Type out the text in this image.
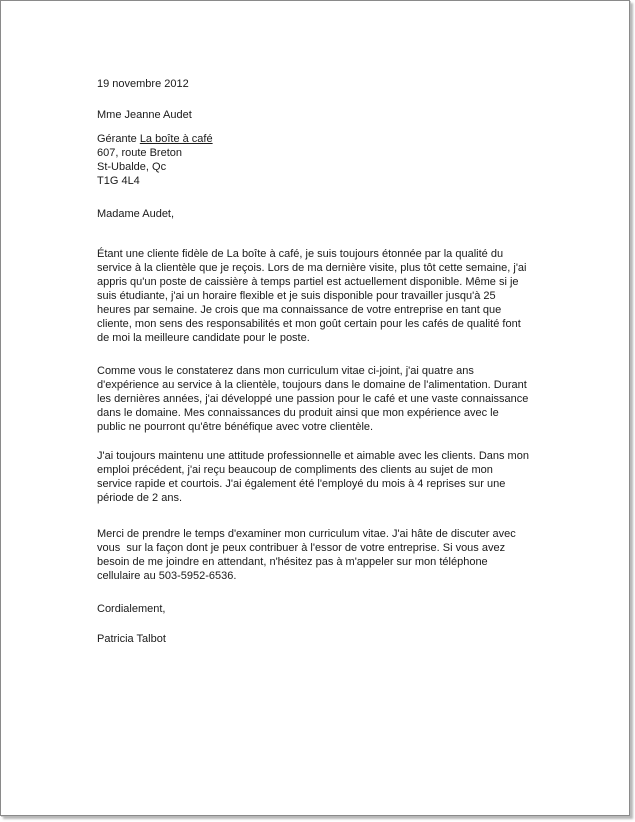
19 novembre 2012
Mme Jeanne Audet
Gérante La boîte à café
607, route Breton
St-Ubalde, Qc
T1G 4L4
Madame Audet,
Étant une cliente fidèle de La boîte à café, je suis toujours étonnée par la qualité du
service à la clientèle que je reçois. Lors de ma dernière visite, plus tôt cette semaine, j'ai
appris qu'un poste de caissière à temps partiel est actuellement disponible. Même si je
suis étudiante, j'ai un horaire flexible et je suis disponible pour travailler jusqu'à 25
heures par semaine. Je crois que ma connaissance de votre entreprise en tant que
cliente, mon sens des responsabilités et mon goût certain pour les cafés de qualité font
de moi la meilleure candidate pour le poste.
Comme vous le constaterez dans mon curriculum vitae ci-joint, j'ai quatre ans
d'expérience au service à la clientèle, toujours dans le domaine de l'alimentation. Durant
les dernières années, j'ai développé une passion pour le café et une vaste connaissance
dans le domaine. Mes connaissances du produit ainsi que mon expérience avec le
public ne pourront qu'être bénéfique avec votre clientèle.
J'ai toujours maintenu une attitude professionnelle et aimable avec les clients. Dans mon
emploi précédent, j'ai reçu beaucoup de compliments des clients au sujet de mon
service rapide et courtois. J'ai également été l'employé du mois à 4 reprises sur une
période de 2 ans.
Merci de prendre le temps d'examiner mon curriculum vitae. J'ai hâte de discuter avec
vous  sur la façon dont je peux contribuer à l'essor de votre entreprise. Si vous avez
besoin de me joindre en attendant, n'hésitez pas à m'appeler sur mon téléphone
cellulaire au 503-5952-6536.
Cordialement,
Patricia Talbot
